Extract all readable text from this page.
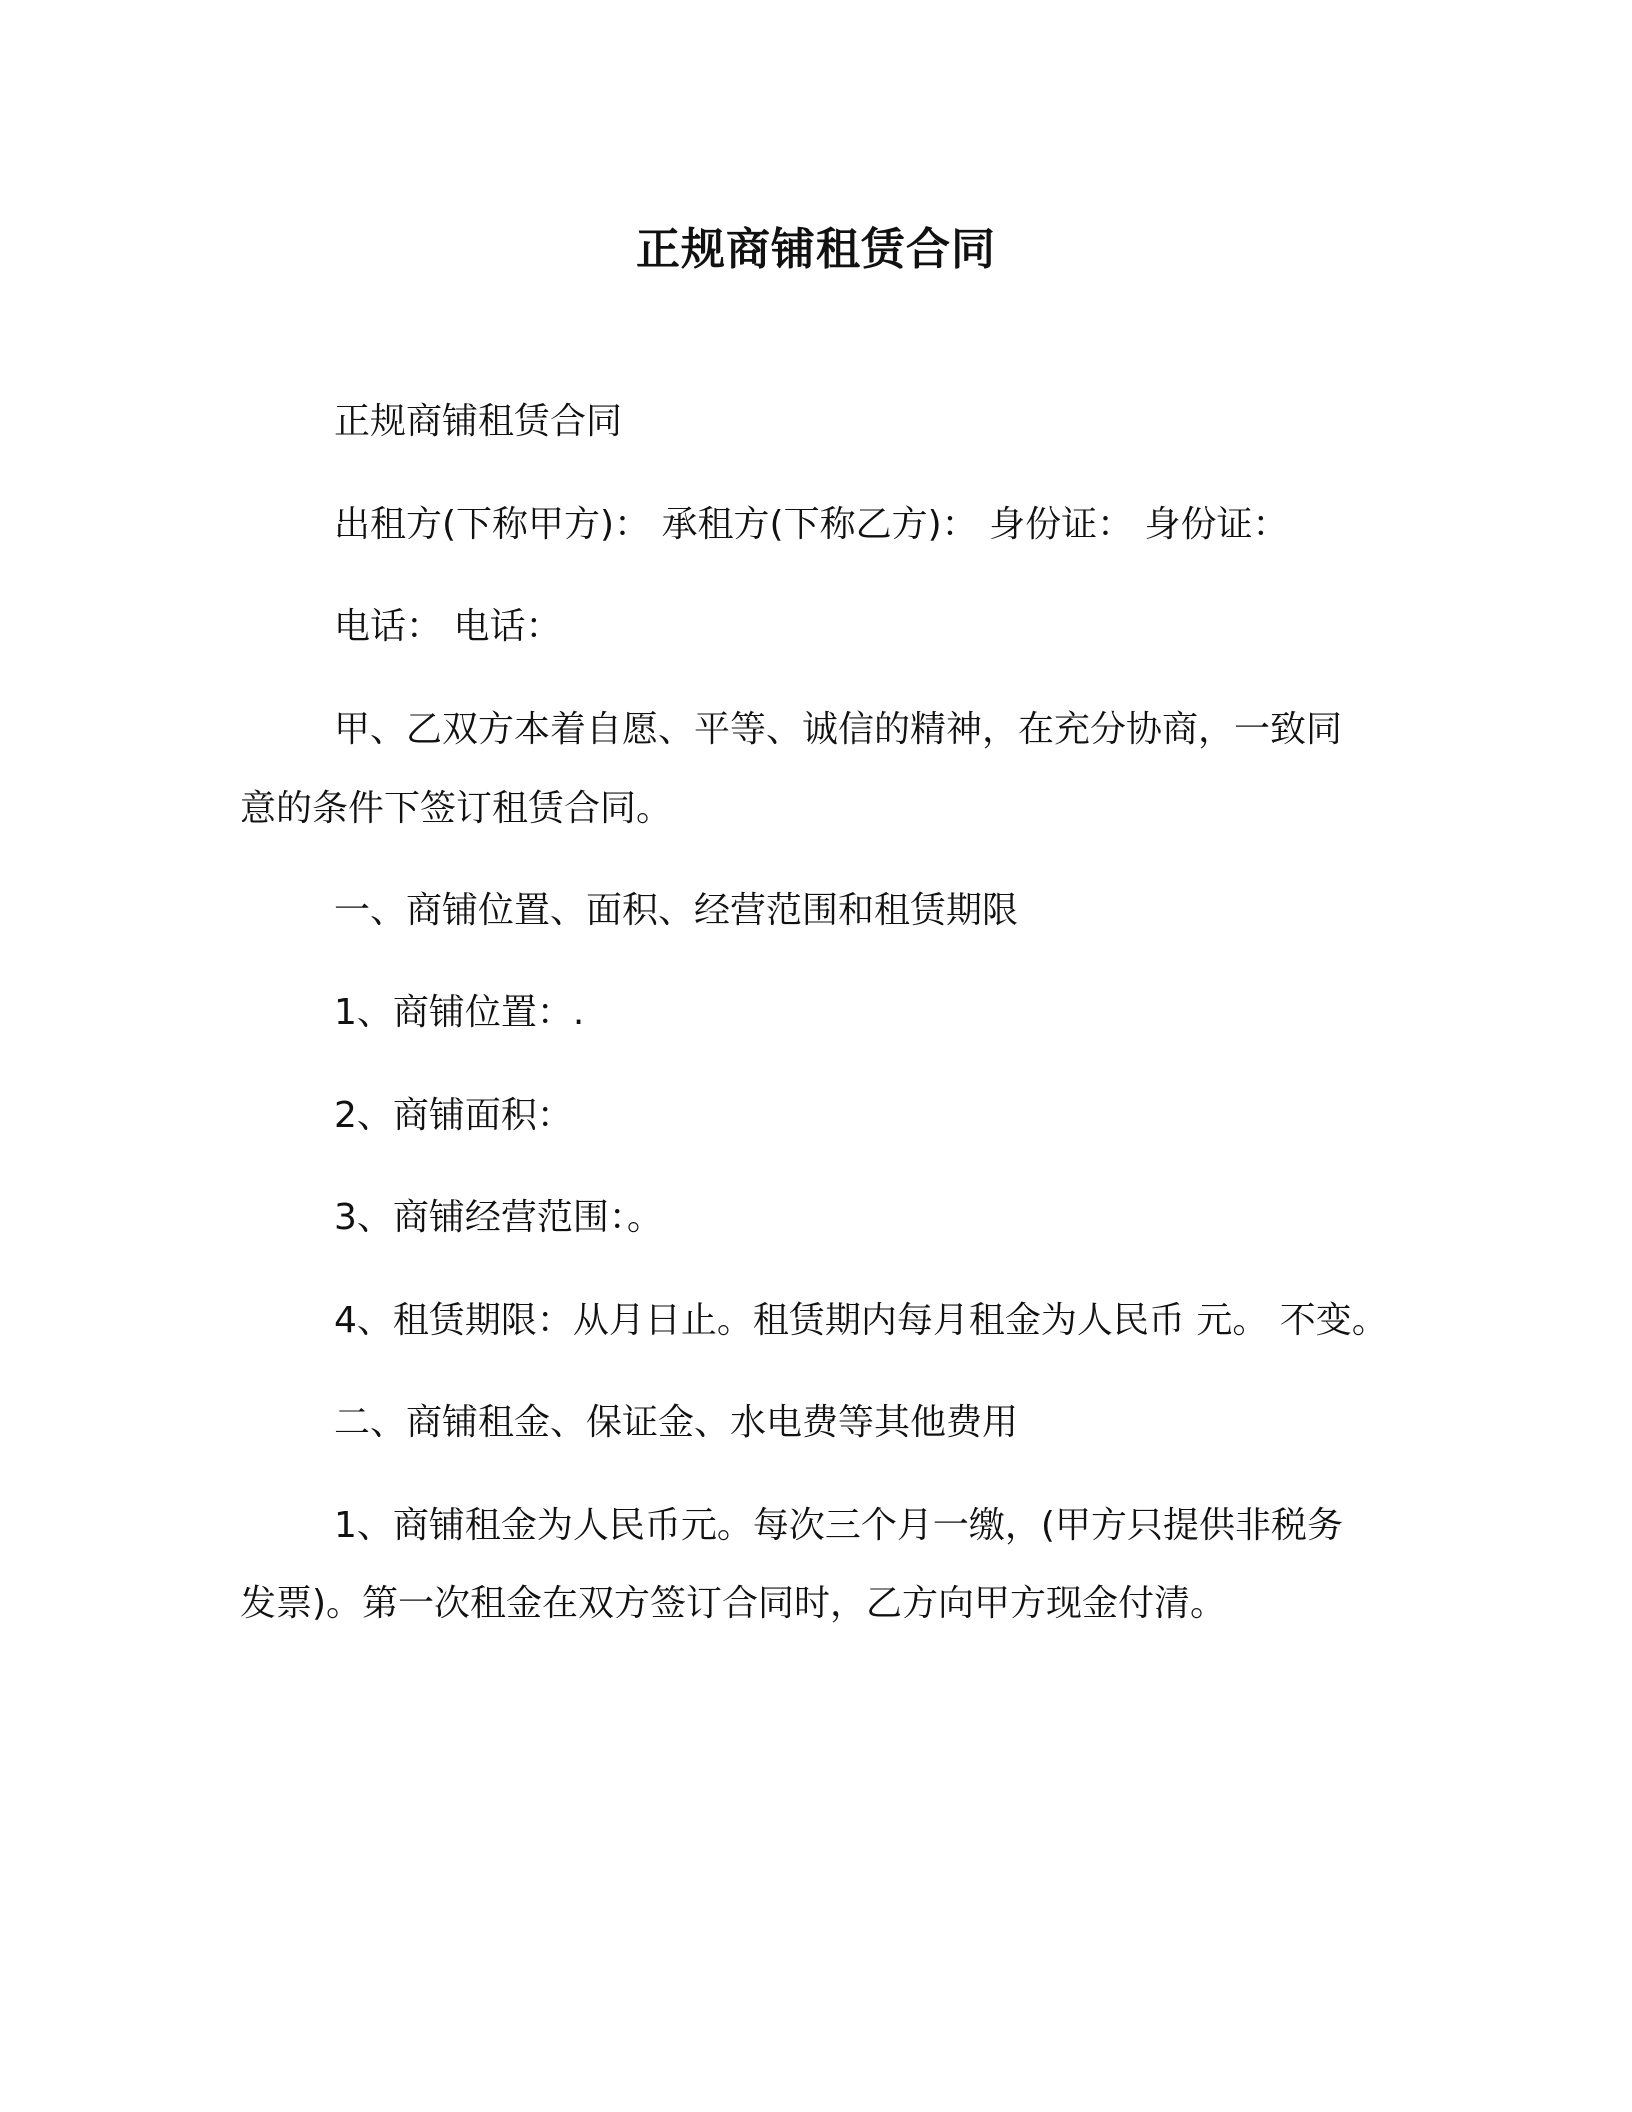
正规商铺租赁合同
正规商铺租赁合同
出租方(下称甲方)： 承租方(下称乙方)： 身份证： 身份证：
电话： 电话：
甲、乙双方本着自愿、平等、诚信的精神，在充分协商，一致同
意的条件下签订租赁合同。
一、商铺位置、面积、经营范围和租赁期限
1、商铺位置：.
2、商铺面积：
3、商铺经营范围：。
4、租赁期限：从月日止。租赁期内每月租金为人民币 元。 不变。
二、商铺租金、保证金、水电费等其他费用
1、商铺租金为人民币元。每次三个月一缴，(甲方只提供非税务
发票)。第一次租金在双方签订合同时，乙方向甲方现金付清。
